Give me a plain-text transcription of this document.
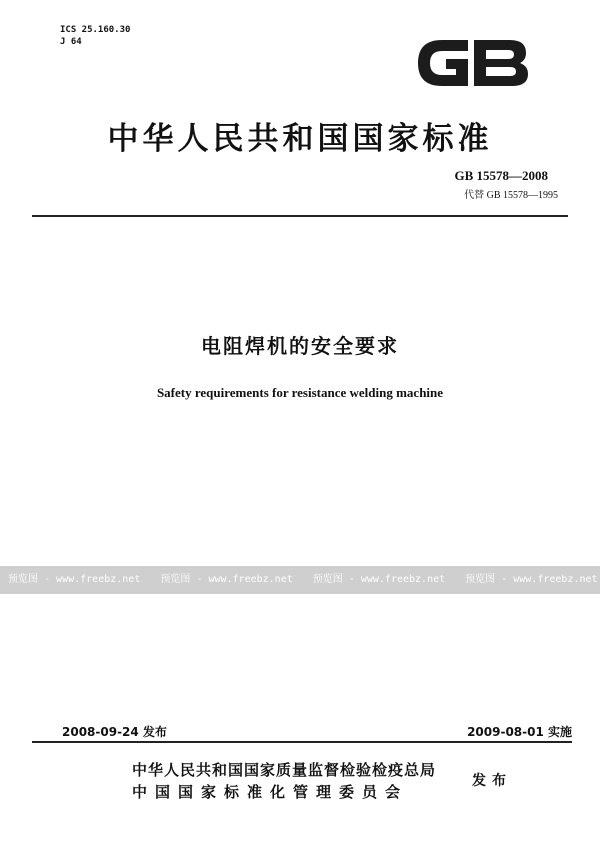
ICS 25.160.30
J 64
中华人民共和国国家标准
GB 15578—2008
代替 GB 15578—1995
电阻焊机的安全要求
Safety requirements for resistance welding machine
预览图 - www.freebz.net 预览图 - www.freebz.net 预览图 - www.freebz.net 预览图 - www.freebz.net
2008-09-24 发布	2009-08-01 实施
中华人民共和国国家质量监督检验检疫总局
中国国家标准化管理委员会
发布
